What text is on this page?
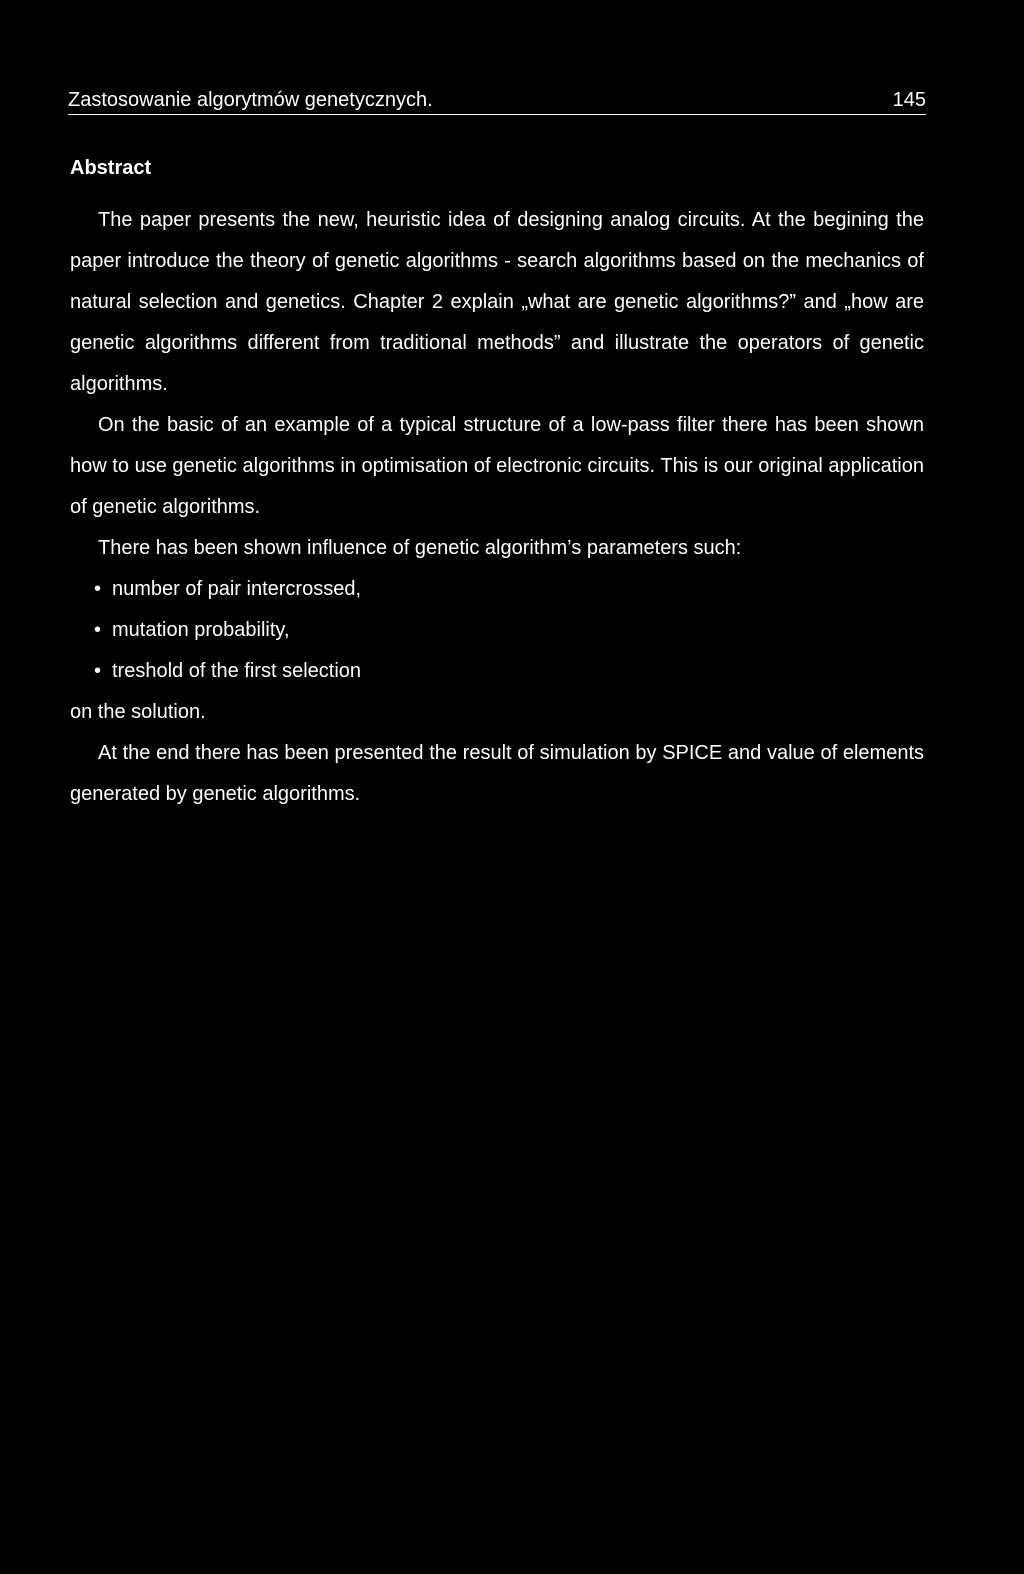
Zastosowanie algorytmów genetycznych.	145
Abstract

The paper presents the new, heuristic idea of designing analog circuits. At the begining the paper introduce the theory of genetic algorithms - search algorithms based on the mechanics of natural selection and genetics. Chapter 2 explain „what are genetic algorithms?” and „how are genetic algorithms different from traditional methods” and illustrate the operators of genetic algorithms.

On the basic of an example of a typical structure of a low-pass filter there has been shown how to use genetic algorithms in optimisation of electronic circuits. This is our original application of genetic algorithms.

There has been shown influence of genetic algorithm’s parameters such:

• number of pair intercrossed,
• mutation probability,
• treshold of the first selection

on the solution.

At the end there has been presented the result of simulation by SPICE and value of elements generated by genetic algorithms.
